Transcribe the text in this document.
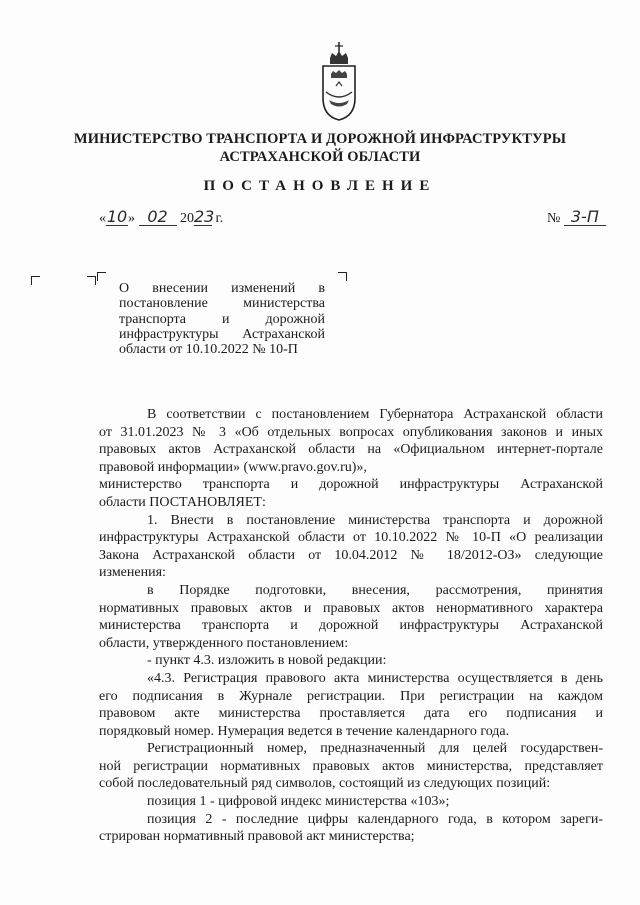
МИНИСТЕРСТВО ТРАНСПОРТА И ДОРОЖНОЙ ИНФРАСТРУКТУРЫ
АСТРАХАНСКОЙ ОБЛАСТИ
ПОСТАНОВЛЕНИЕ
«10» 02 2023 г.	№ 3-П
О внесении изменений в
постановление министерства
транспорта и дорожной
инфраструктуры Астраханской
области от 10.10.2022 № 10-П
В соответствии с постановлением Губернатора Астраханской области
от 31.01.2023 № 3 «Об отдельных вопросах опубликования законов и иных
правовых актов Астраханской области на «Официальном интернет-портале
правовой информации» (www.pravo.gov.ru)»,
министерство транспорта и дорожной инфраструктуры Астраханской
области ПОСТАНОВЛЯЕТ:
1. Внести в постановление министерства транспорта и дорожной
инфраструктуры Астраханской области от 10.10.2022 № 10-П «О реализации
Закона Астраханской области от 10.04.2012 № 18/2012-ОЗ» следующие
изменения:
в Порядке подготовки, внесения, рассмотрения, принятия
нормативных правовых актов и правовых актов ненормативного характера
министерства транспорта и дорожной инфраструктуры Астраханской
области, утвержденного постановлением:
- пункт 4.3. изложить в новой редакции:
«4.3. Регистрация правового акта министерства осуществляется в день
его подписания в Журнале регистрации. При регистрации на каждом
правовом акте министерства проставляется дата его подписания и
порядковый номер. Нумерация ведется в течение календарного года.
Регистрационный номер, предназначенный для целей государствен-
ной регистрации нормативных правовых актов министерства, представляет
собой последовательный ряд символов, состоящий из следующих позиций:
позиция 1 - цифровой индекс министерства «103»;
позиция 2 - последние цифры календарного года, в котором зареги-
стрирован нормативный правовой акт министерства;
